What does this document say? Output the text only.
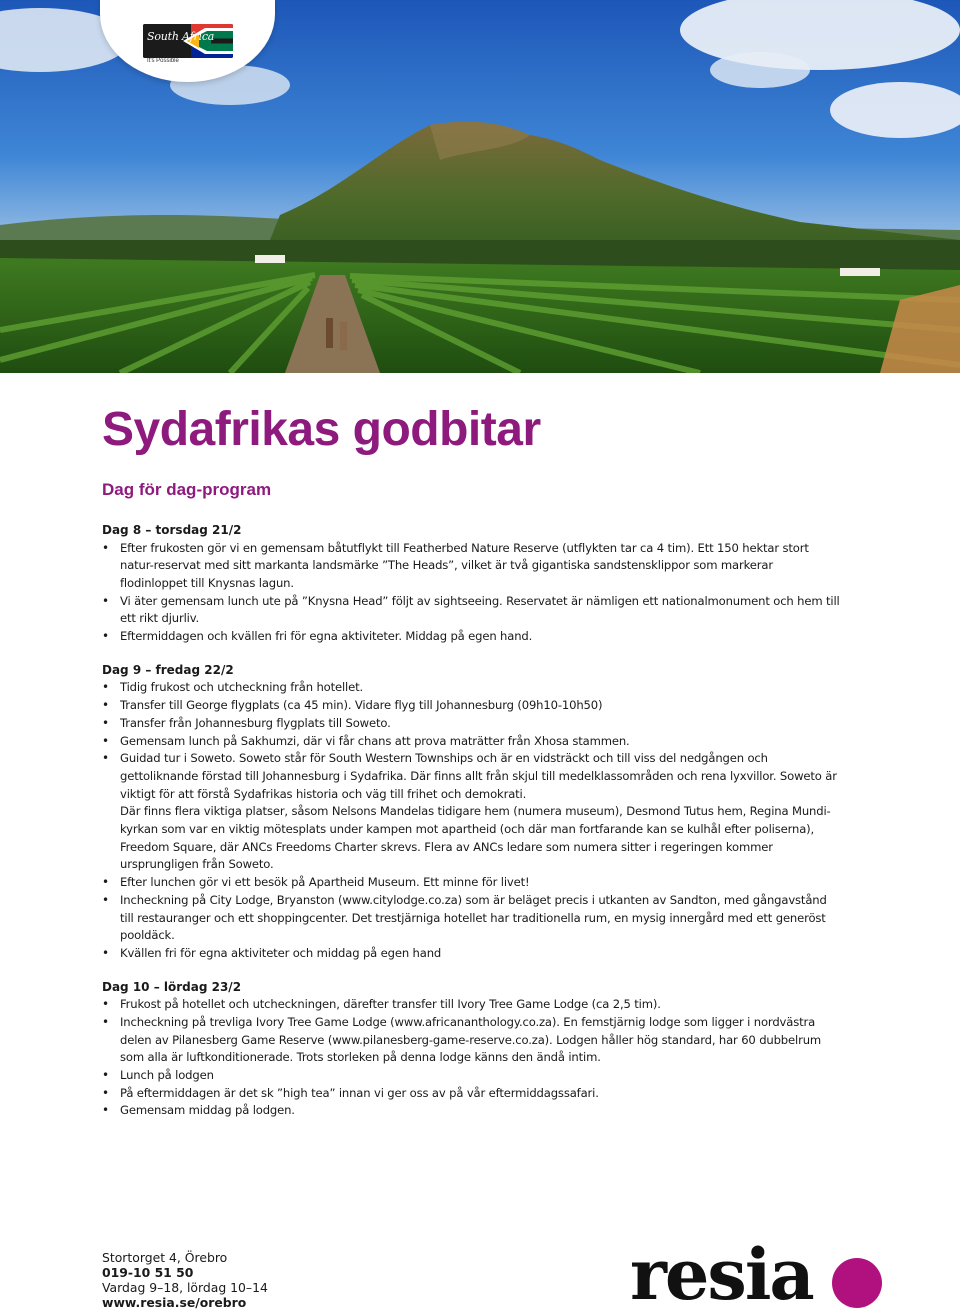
South Africa
It's Possible
Sydafrikas godbitar
Dag för dag-program
Dag 8 – torsdag 21/2
• Efter frukosten gör vi en gemensam båtutflykt till Featherbed Nature Reserve (utflykten tar ca 4 tim). Ett 150 hektar stort natur-reservat med sitt markanta landsmärke ”The Heads”, vilket är två gigantiska sandstensklippor som markerar flodinloppet till Knysnas lagun.
• Vi äter gemensam lunch ute på ”Knysna Head” följt av sightseeing. Reservatet är nämligen ett nationalmonument och hem till ett rikt djurliv.
• Eftermiddagen och kvällen fri för egna aktiviteter. Middag på egen hand.
Dag 9 – fredag 22/2
• Tidig frukost och utcheckning från hotellet.
• Transfer till George flygplats (ca 45 min). Vidare flyg till Johannesburg (09h10-10h50)
• Transfer från Johannesburg flygplats till Soweto.
• Gemensam lunch på Sakhumzi, där vi får chans att prova maträtter från Xhosa stammen.
• Guidad tur i Soweto. Soweto står för South Western Townships och är en vidsträckt och till viss del nedgången och gettoliknande förstad till Johannesburg i Sydafrika. Där finns allt från skjul till medelklassområden och rena lyxvillor. Soweto är viktigt för att förstå Sydafrikas historia och väg till frihet och demokrati.
Där finns flera viktiga platser, såsom Nelsons Mandelas tidigare hem (numera museum), Desmond Tutus hem, Regina Mundi-kyrkan som var en viktig mötesplats under kampen mot apartheid (och där man fortfarande kan se kulhål efter poliserna), Freedom Square, där ANCs Freedoms Charter skrevs. Flera av ANCs ledare som numera sitter i regeringen kommer ursprungligen från Soweto.
• Efter lunchen gör vi ett besök på Apartheid Museum. Ett minne för livet!
• Incheckning på City Lodge, Bryanston (www.citylodge.co.za) som är beläget precis i utkanten av Sandton, med gångavstånd till restauranger och ett shoppingcenter. Det trestjärniga hotellet har traditionella rum, en mysig innergård med ett generöst pooldäck.
• Kvällen fri för egna aktiviteter och middag på egen hand
Dag 10 – lördag 23/2
• Frukost på hotellet och utcheckningen, därefter transfer till Ivory Tree Game Lodge (ca 2,5 tim).
• Incheckning på trevliga Ivory Tree Game Lodge (www.africananthology.co.za). En femstjärnig lodge som ligger i nordvästra delen av Pilanesberg Game Reserve (www.pilanesberg-game-reserve.co.za). Lodgen håller hög standard, har 60 dubbelrum som alla är luftkonditionerade. Trots storleken på denna lodge känns den ändå intim.
• Lunch på lodgen
• På eftermiddagen är det sk ”high tea” innan vi ger oss av på vår eftermiddagssafari.
• Gemensam middag på lodgen.
Stortorget 4, Örebro
019-10 51 50
Vardag 9–18, lördag 10–14
www.resia.se/orebro	resia
